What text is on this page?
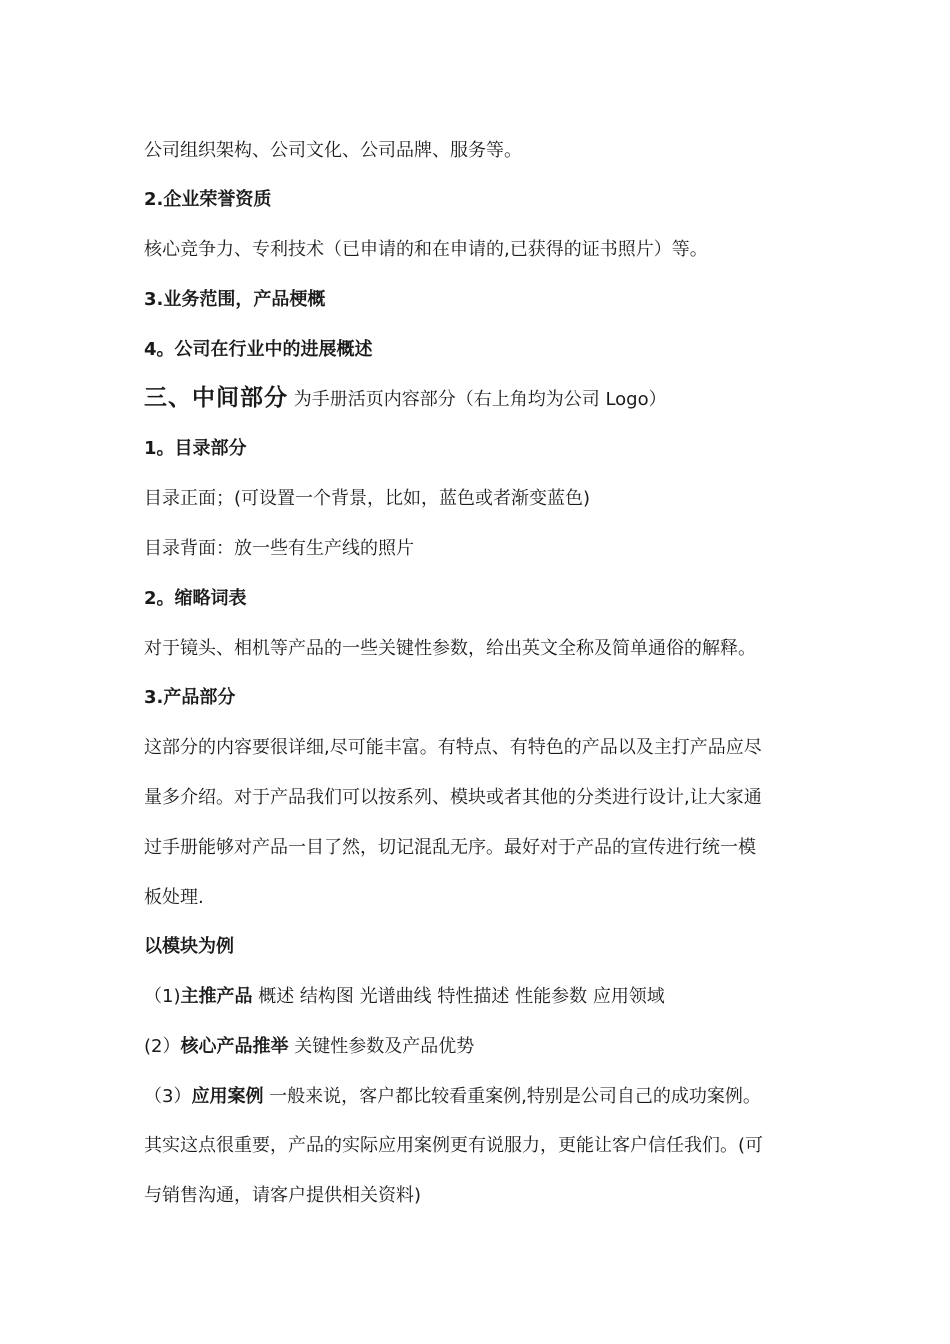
公司组织架构、公司文化、公司品牌、服务等。
2.企业荣誉资质
核心竞争力、专利技术（已申请的和在申请的,已获得的证书照片）等。
3.业务范围，产品梗概
4。公司在行业中的进展概述
三、中间部分 为手册活页内容部分（右上角均为公司 Logo）
1。目录部分
目录正面；(可设置一个背景，比如，蓝色或者渐变蓝色)
目录背面：放一些有生产线的照片
2。缩略词表
对于镜头、相机等产品的一些关键性参数，给出英文全称及简单通俗的解释。
3.产品部分
这部分的内容要很详细,尽可能丰富。有特点、有特色的产品以及主打产品应尽
量多介绍。对于产品我们可以按系列、模块或者其他的分类进行设计,让大家通
过手册能够对产品一目了然，切记混乱无序。最好对于产品的宣传进行统一模
板处理.
以模块为例
（1)主推产品 概述 结构图 光谱曲线 特性描述 性能参数 应用领域
(2）核心产品推举 关键性参数及产品优势
（3）应用案例 一般来说，客户都比较看重案例,特别是公司自己的成功案例。
其实这点很重要，产品的实际应用案例更有说服力，更能让客户信任我们。(可
与销售沟通，请客户提供相关资料)
